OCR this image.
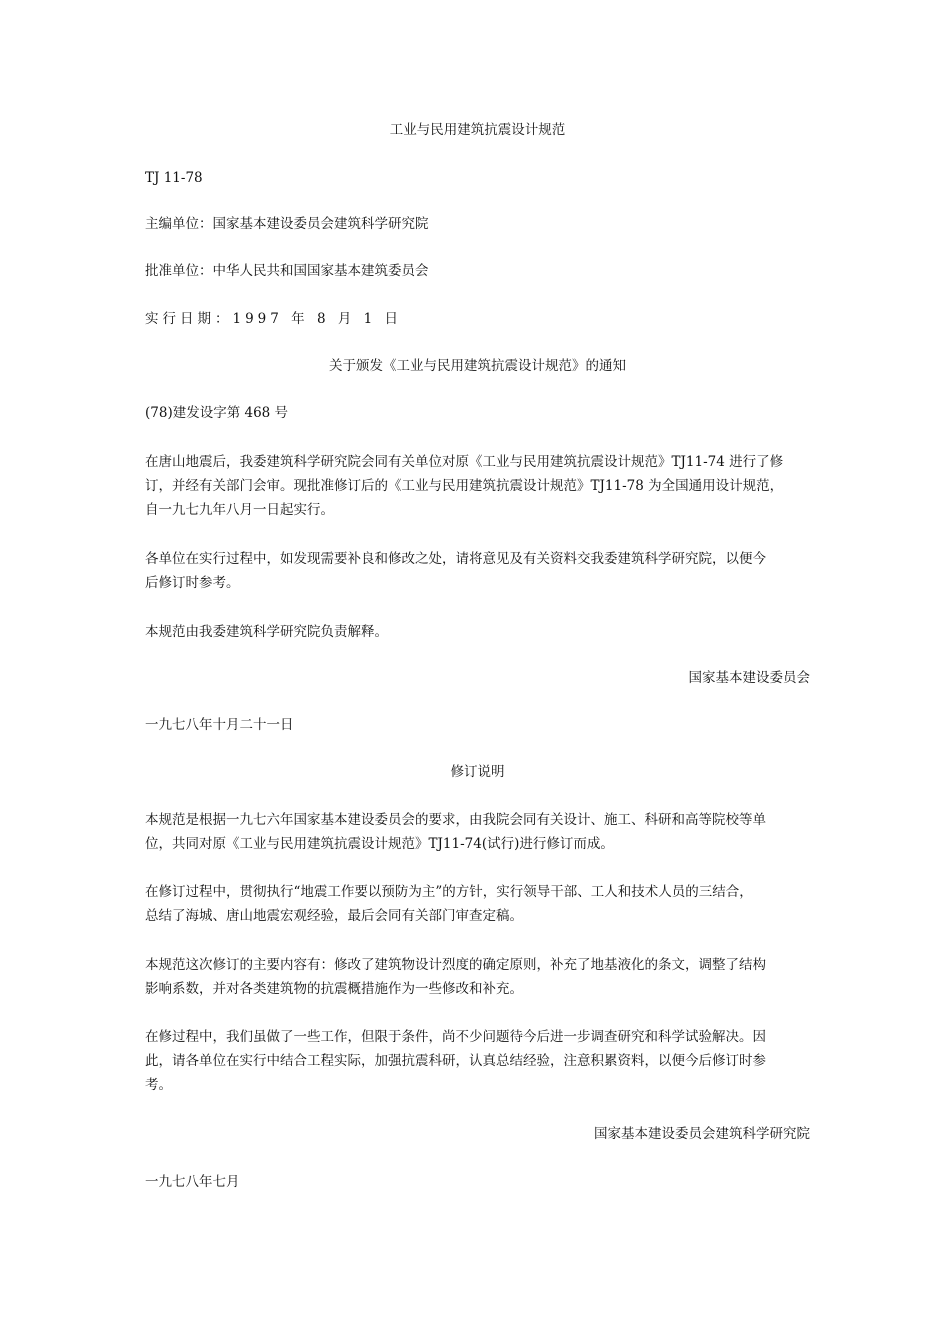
工业与民用建筑抗震设计规范
TJ 11-78
主编单位：国家基本建设委员会建筑科学研究院
批准单位：中华人民共和国国家基本建筑委员会
实行日期：1997 年 8 月 1 日
关于颁发《工业与民用建筑抗震设计规范》的通知
(78)建发设字第 468 号
在唐山地震后，我委建筑科学研究院会同有关单位对原《工业与民用建筑抗震设计规范》TJ11-74 进行了修
订，并经有关部门会审。现批准修订后的《工业与民用建筑抗震设计规范》TJ11-78 为全国通用设计规范，
自一九七九年八月一日起实行。
各单位在实行过程中，如发现需要补良和修改之处，请将意见及有关资料交我委建筑科学研究院，以便今
后修订时参考。
本规范由我委建筑科学研究院负责解释。
国家基本建设委员会
一九七八年十月二十一日
修订说明
本规范是根据一九七六年国家基本建设委员会的要求，由我院会同有关设计、施工、科研和高等院校等单
位，共同对原《工业与民用建筑抗震设计规范》TJ11-74(试行)进行修订而成。
在修订过程中，贯彻执行“地震工作要以预防为主”的方针，实行领导干部、工人和技术人员的三结合，
总结了海城、唐山地震宏观经验，最后会同有关部门审查定稿。
本规范这次修订的主要内容有：修改了建筑物设计烈度的确定原则，补充了地基液化的条文，调整了结构
影响系数，并对各类建筑物的抗震概措施作为一些修改和补充。
在修过程中，我们虽做了一些工作，但限于条件，尚不少问题待今后进一步调查研究和科学试验解决。因
此，请各单位在实行中结合工程实际，加强抗震科研，认真总结经验，注意积累资料，以便今后修订时参
考。
国家基本建设委员会建筑科学研究院
一九七八年七月
